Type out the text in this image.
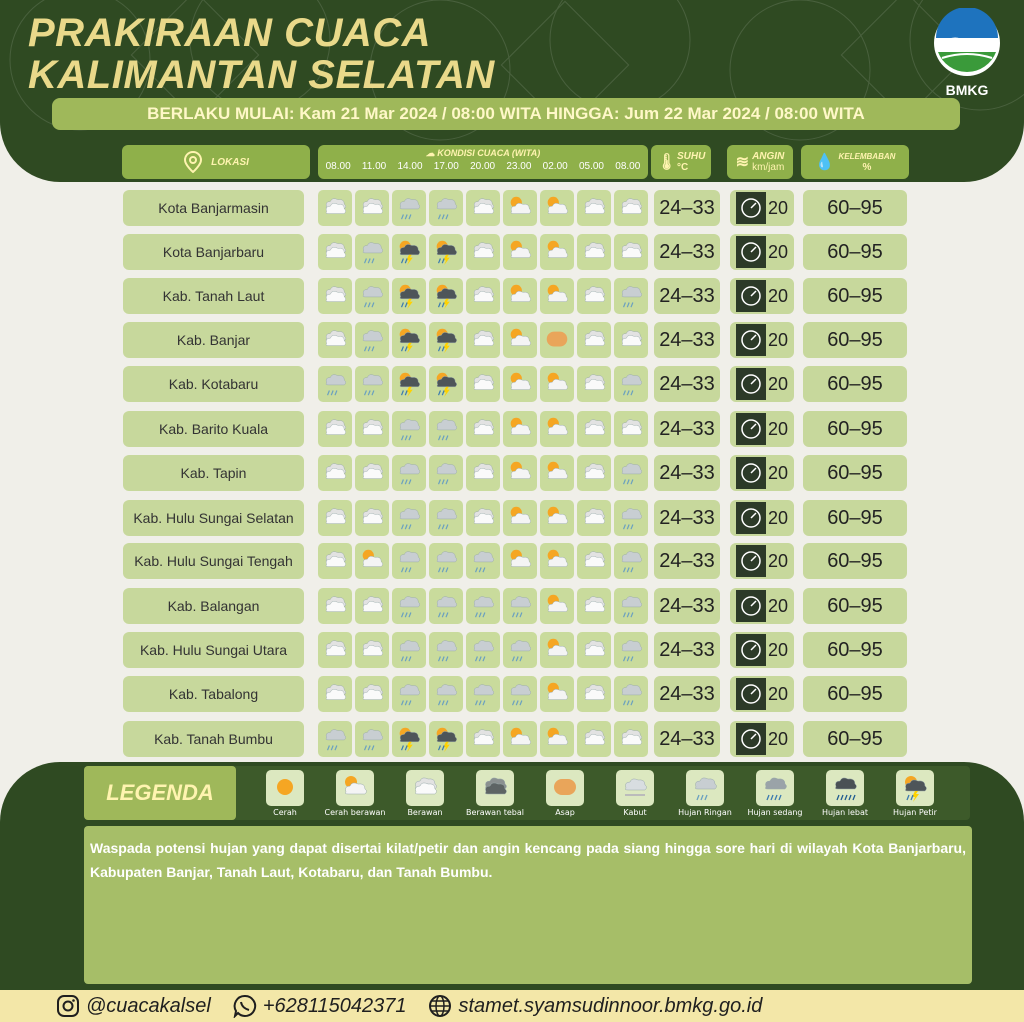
PRAKIRAAN CUACA
KALIMANTAN SELATAN	BMKG
BERLAKU MULAI: Kam 21 Mar 2024 / 08:00 WITA HINGGA: Jum 22 Mar 2024 / 08:00 WITA
LOKASI
☁ KONDISI CUACA (WITA)
08.00 11.00 14.00 17.00 20.00 23.00 02.00 05.00 08.00 🌡 SUHU
°C	≋ ANGIN
km/jam 💧 KELEMBABAN
%
Kota Banjarmasin	24–33	20	60–95
Kota Banjarbaru	24–33	20	60–95
Kab. Tanah Laut	24–33	20	60–95
Kab. Banjar	24–33	20	60–95
Kab. Kotabaru	24–33	20	60–95
Kab. Barito Kuala	24–33	20	60–95
Kab. Tapin	24–33	20	60–95
Kab. Hulu Sungai Selatan	24–33	20	60–95
Kab. Hulu Sungai Tengah	24–33	20	60–95
Kab. Balangan	24–33	20	60–95
Kab. Hulu Sungai Utara	24–33	20	60–95
Kab. Tabalong	24–33	20	60–95
Kab. Tanah Bumbu	24–33	20	60–95
LEGENDA
Cerah	Cerah berawan	Berawan	Berawan tebal	Asap	Kabut	Hujan Ringan	Hujan sedang	Hujan lebat	Hujan Petir
Waspada potensi hujan yang dapat disertai kilat/petir dan angin kencang pada siang hingga sore hari di wilayah Kota Banjarbaru, Kabupaten Banjar, Tanah Laut, Kotabaru, dan Tanah Bumbu.
@cuacakalsel	+628115042371	stamet.syamsudinnoor.bmkg.go.id
